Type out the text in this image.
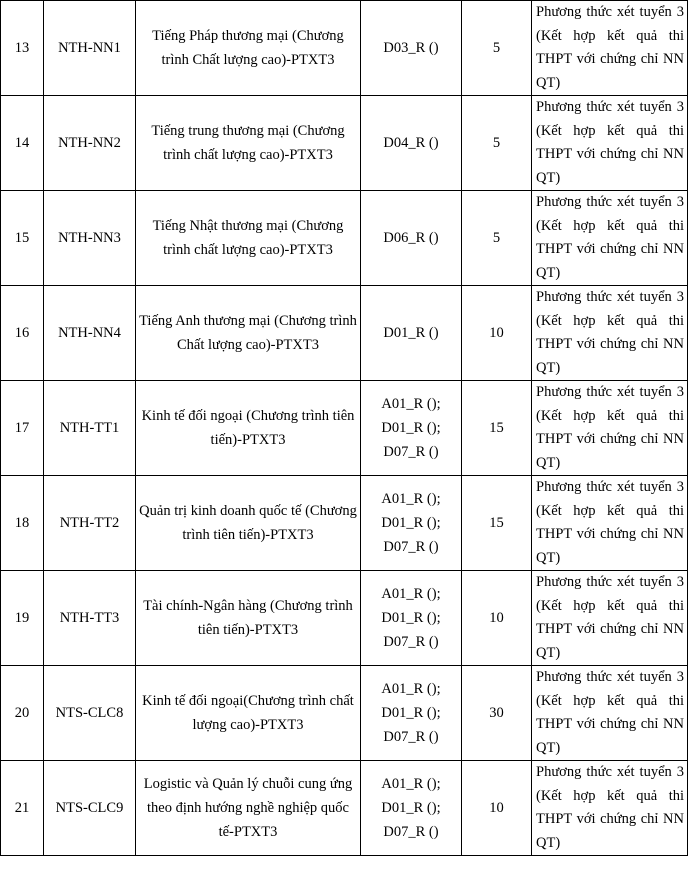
13	NTH-NN1	Tiếng Pháp thương mại (Chương trình Chất lượng cao)-PTXT3	D03_R ()	5	Phương thức xét tuyển 3 (Kết hợp kết quả thi THPT với chứng chỉ NN QT)

14	NTH-NN2	Tiếng trung thương mại (Chương trình chất lượng cao)-PTXT3	D04_R ()	5	Phương thức xét tuyển 3 (Kết hợp kết quả thi THPT với chứng chỉ NN QT)

15	NTH-NN3	Tiếng Nhật thương mại (Chương trình chất lượng cao)-PTXT3	D06_R ()	5	Phương thức xét tuyển 3 (Kết hợp kết quả thi THPT với chứng chỉ NN QT)

16	NTH-NN4	Tiếng Anh thương mại (Chương trình Chất lượng cao)-PTXT3	D01_R ()	10	Phương thức xét tuyển 3 (Kết hợp kết quả thi THPT với chứng chỉ NN QT)

17	NTH-TT1	Kinh tế đối ngoại (Chương trình tiên tiến)-PTXT3	A01_R (); D01_R (); D07_R ()	15	Phương thức xét tuyển 3 (Kết hợp kết quả thi THPT với chứng chỉ NN QT)

18	NTH-TT2	Quản trị kinh doanh quốc tế (Chương trình tiên tiến)-PTXT3	A01_R (); D01_R (); D07_R ()	15	Phương thức xét tuyển 3 (Kết hợp kết quả thi THPT với chứng chỉ NN QT)

19	NTH-TT3	Tài chính-Ngân hàng (Chương trình tiên tiến)-PTXT3	A01_R (); D01_R (); D07_R ()	10	Phương thức xét tuyển 3 (Kết hợp kết quả thi THPT với chứng chỉ NN QT)

20	NTS-CLC8	Kinh tế đối ngoại(Chương trình chất lượng cao)-PTXT3	A01_R (); D01_R (); D07_R ()	30	Phương thức xét tuyển 3 (Kết hợp kết quả thi THPT với chứng chỉ NN QT)

21	NTS-CLC9	Logistic và Quản lý chuỗi cung ứng theo định hướng nghề nghiệp quốc tế-PTXT3	A01_R (); D01_R (); D07_R ()	10	Phương thức xét tuyển 3 (Kết hợp kết quả thi THPT với chứng chỉ NN QT)
